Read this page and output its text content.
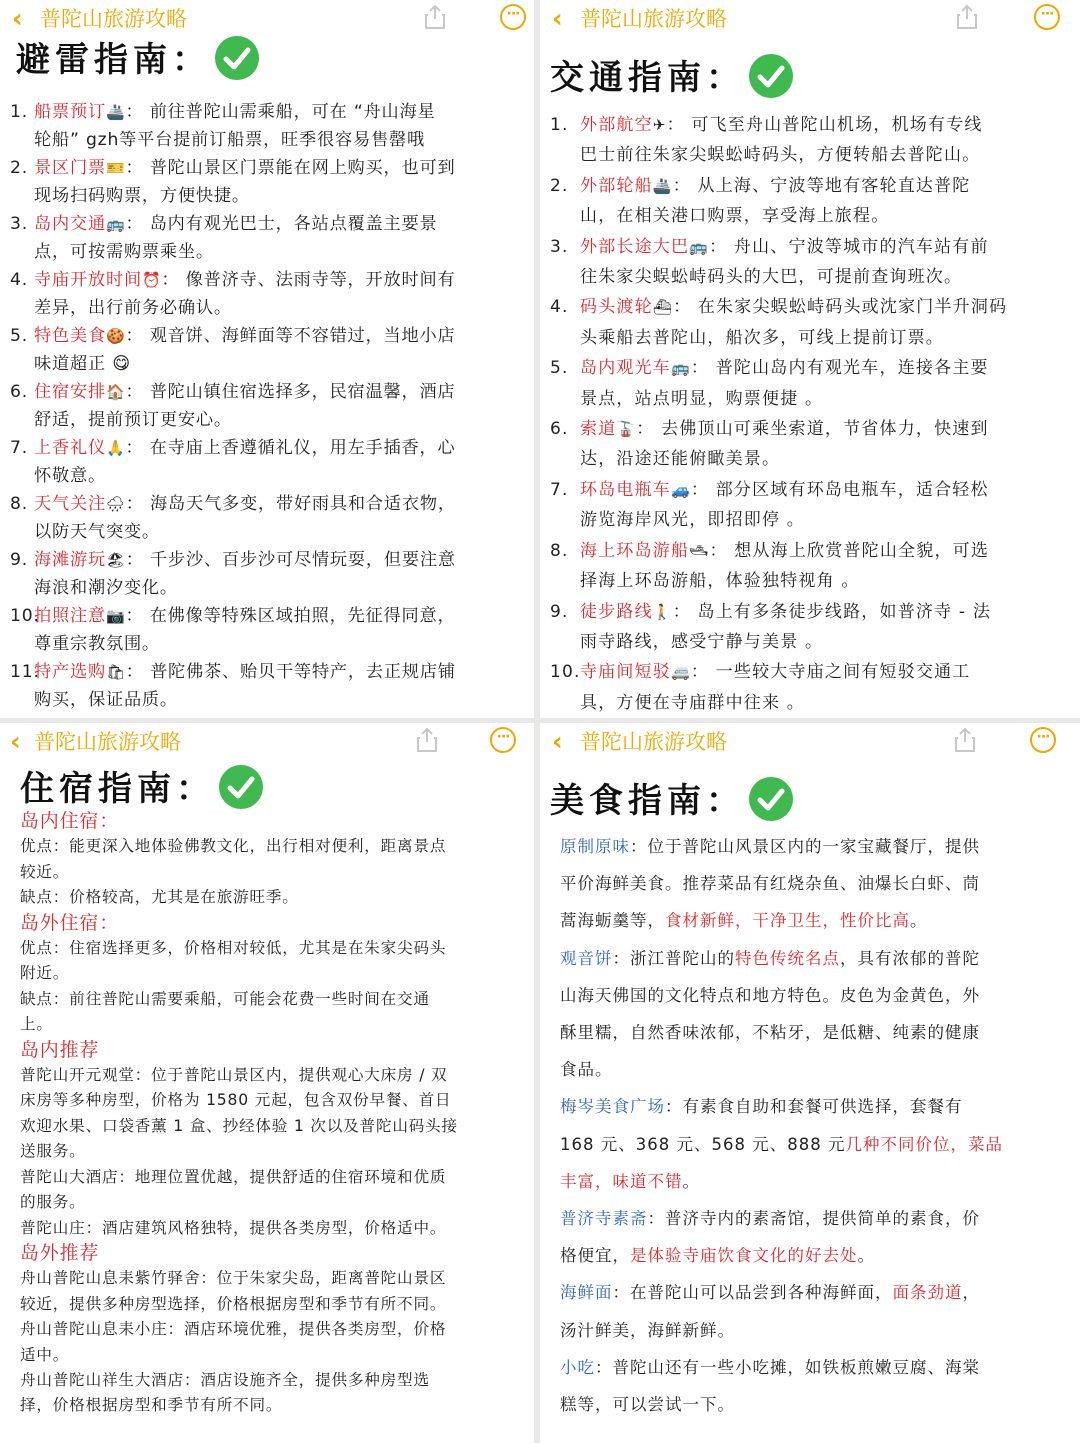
‹ 普陀山旅游攻略	···
避雷指南：
1. 船票预订🚢： 前往普陀山需乘船，可在 “舟山海星
轮船” gzh等平台提前订船票，旺季很容易售罄哦
2. 景区门票🎫： 普陀山景区门票能在网上购买，也可到
现场扫码购票，方便快捷。
3. 岛内交通🚌： 岛内有观光巴士，各站点覆盖主要景
点，可按需购票乘坐。
4. 寺庙开放时间⏰： 像普济寺、法雨寺等，开放时间有
差异，出行前务必确认。
5. 特色美食🍪： 观音饼、海鲜面等不容错过，当地小店
味道超正 😋
6. 住宿安排🏠： 普陀山镇住宿选择多，民宿温馨，酒店
舒适，提前预订更安心。
7. 上香礼仪🙏： 在寺庙上香遵循礼仪，用左手插香，心
怀敬意。
8. 天气关注🌧： 海岛天气多变，带好雨具和合适衣物，
以防天气突变。
9. 海滩游玩🏖： 千步沙、百步沙可尽情玩耍，但要注意
海浪和潮汐变化。
10.
拍照注意📷： 在佛像等特殊区域拍照，先征得同意，
尊重宗教氛围。
11.
特产选购🛍： 普陀佛茶、贻贝干等特产，去正规店铺
购买，保证品质。
‹ 普陀山旅游攻略	···
交通指南：
1. 外部航空✈： 可飞至舟山普陀山机场，机场有专线
巴士前往朱家尖蜈蚣峙码头，方便转船去普陀山。
2. 外部轮船🚢： 从上海、宁波等地有客轮直达普陀
山，在相关港口购票，享受海上旅程。
3. 外部长途大巴🚌： 舟山、宁波等城市的汽车站有前
往朱家尖蜈蚣峙码头的大巴，可提前查询班次。
4. 码头渡轮⛴： 在朱家尖蜈蚣峙码头或沈家门半升洞码
头乘船去普陀山，船次多，可线上提前订票。
5. 岛内观光车🚌： 普陀山岛内有观光车，连接各主要
景点，站点明显，购票便捷 。
6. 索道🚡： 去佛顶山可乘坐索道，节省体力，快速到
达，沿途还能俯瞰美景。
7. 环岛电瓶车🚙： 部分区域有环岛电瓶车，适合轻松
游览海岸风光，即招即停 。
8. 海上环岛游船🛥： 想从海上欣赏普陀山全貌，可选
择海上环岛游船，体验独特视角 。
9. 徒步路线🚶： 岛上有多条徒步线路，如普济寺 - 法
雨寺路线，感受宁静与美景 。
10. 寺庙间短驳🚐： 一些较大寺庙之间有短驳交通工
具，方便在寺庙群中往来 。
‹ 普陀山旅游攻略	···
住宿指南：
岛内住宿：
优点：能更深入地体验佛教文化，出行相对便利，距离景点
较近。
缺点：价格较高，尤其是在旅游旺季。
岛外住宿：
优点：住宿选择更多，价格相对较低，尤其是在朱家尖码头
附近。
缺点：前往普陀山需要乘船，可能会花费一些时间在交通
上。
岛内推荐
普陀山开元观堂：位于普陀山景区内，提供观心大床房 / 双
床房等多种房型，价格为 1580 元起，包含双份早餐、首日
欢迎水果、口袋香薰 1 盒、抄经体验 1 次以及普陀山码头接
送服务。
普陀山大酒店：地理位置优越，提供舒适的住宿环境和优质
的服务。
普陀山庄：酒店建筑风格独特，提供各类房型，价格适中。
岛外推荐
舟山普陀山息耒紫竹驿舍：位于朱家尖岛，距离普陀山景区
较近，提供多种房型选择，价格根据房型和季节有所不同。
舟山普陀山息耒小庄：酒店环境优雅，提供各类房型，价格
适中。
舟山普陀山祥生大酒店：酒店设施齐全，提供多种房型选
择，价格根据房型和季节有所不同。
‹ 普陀山旅游攻略	···
美食指南：
原制原味：位于普陀山风景区内的一家宝藏餐厅，提供
平价海鲜美食。推荐菜品有红烧杂鱼、油爆长白虾、茼
蒿海蛎羹等，食材新鲜，干净卫生，性价比高。
观音饼：浙江普陀山的特色传统名点，具有浓郁的普陀
山海天佛国的文化特点和地方特色。皮色为金黄色，外
酥里糯，自然香味浓郁，不粘牙，是低糖、纯素的健康
食品。
梅岑美食广场：有素食自助和套餐可供选择，套餐有
168 元、368 元、568 元、888 元几种不同价位，菜品
丰富，味道不错。
普济寺素斋：普济寺内的素斋馆，提供简单的素食，价
格便宜，是体验寺庙饮食文化的好去处。
海鲜面：在普陀山可以品尝到各种海鲜面，面条劲道，
汤汁鲜美，海鲜新鲜。
小吃：普陀山还有一些小吃摊，如铁板煎嫩豆腐、海棠
糕等，可以尝试一下。
